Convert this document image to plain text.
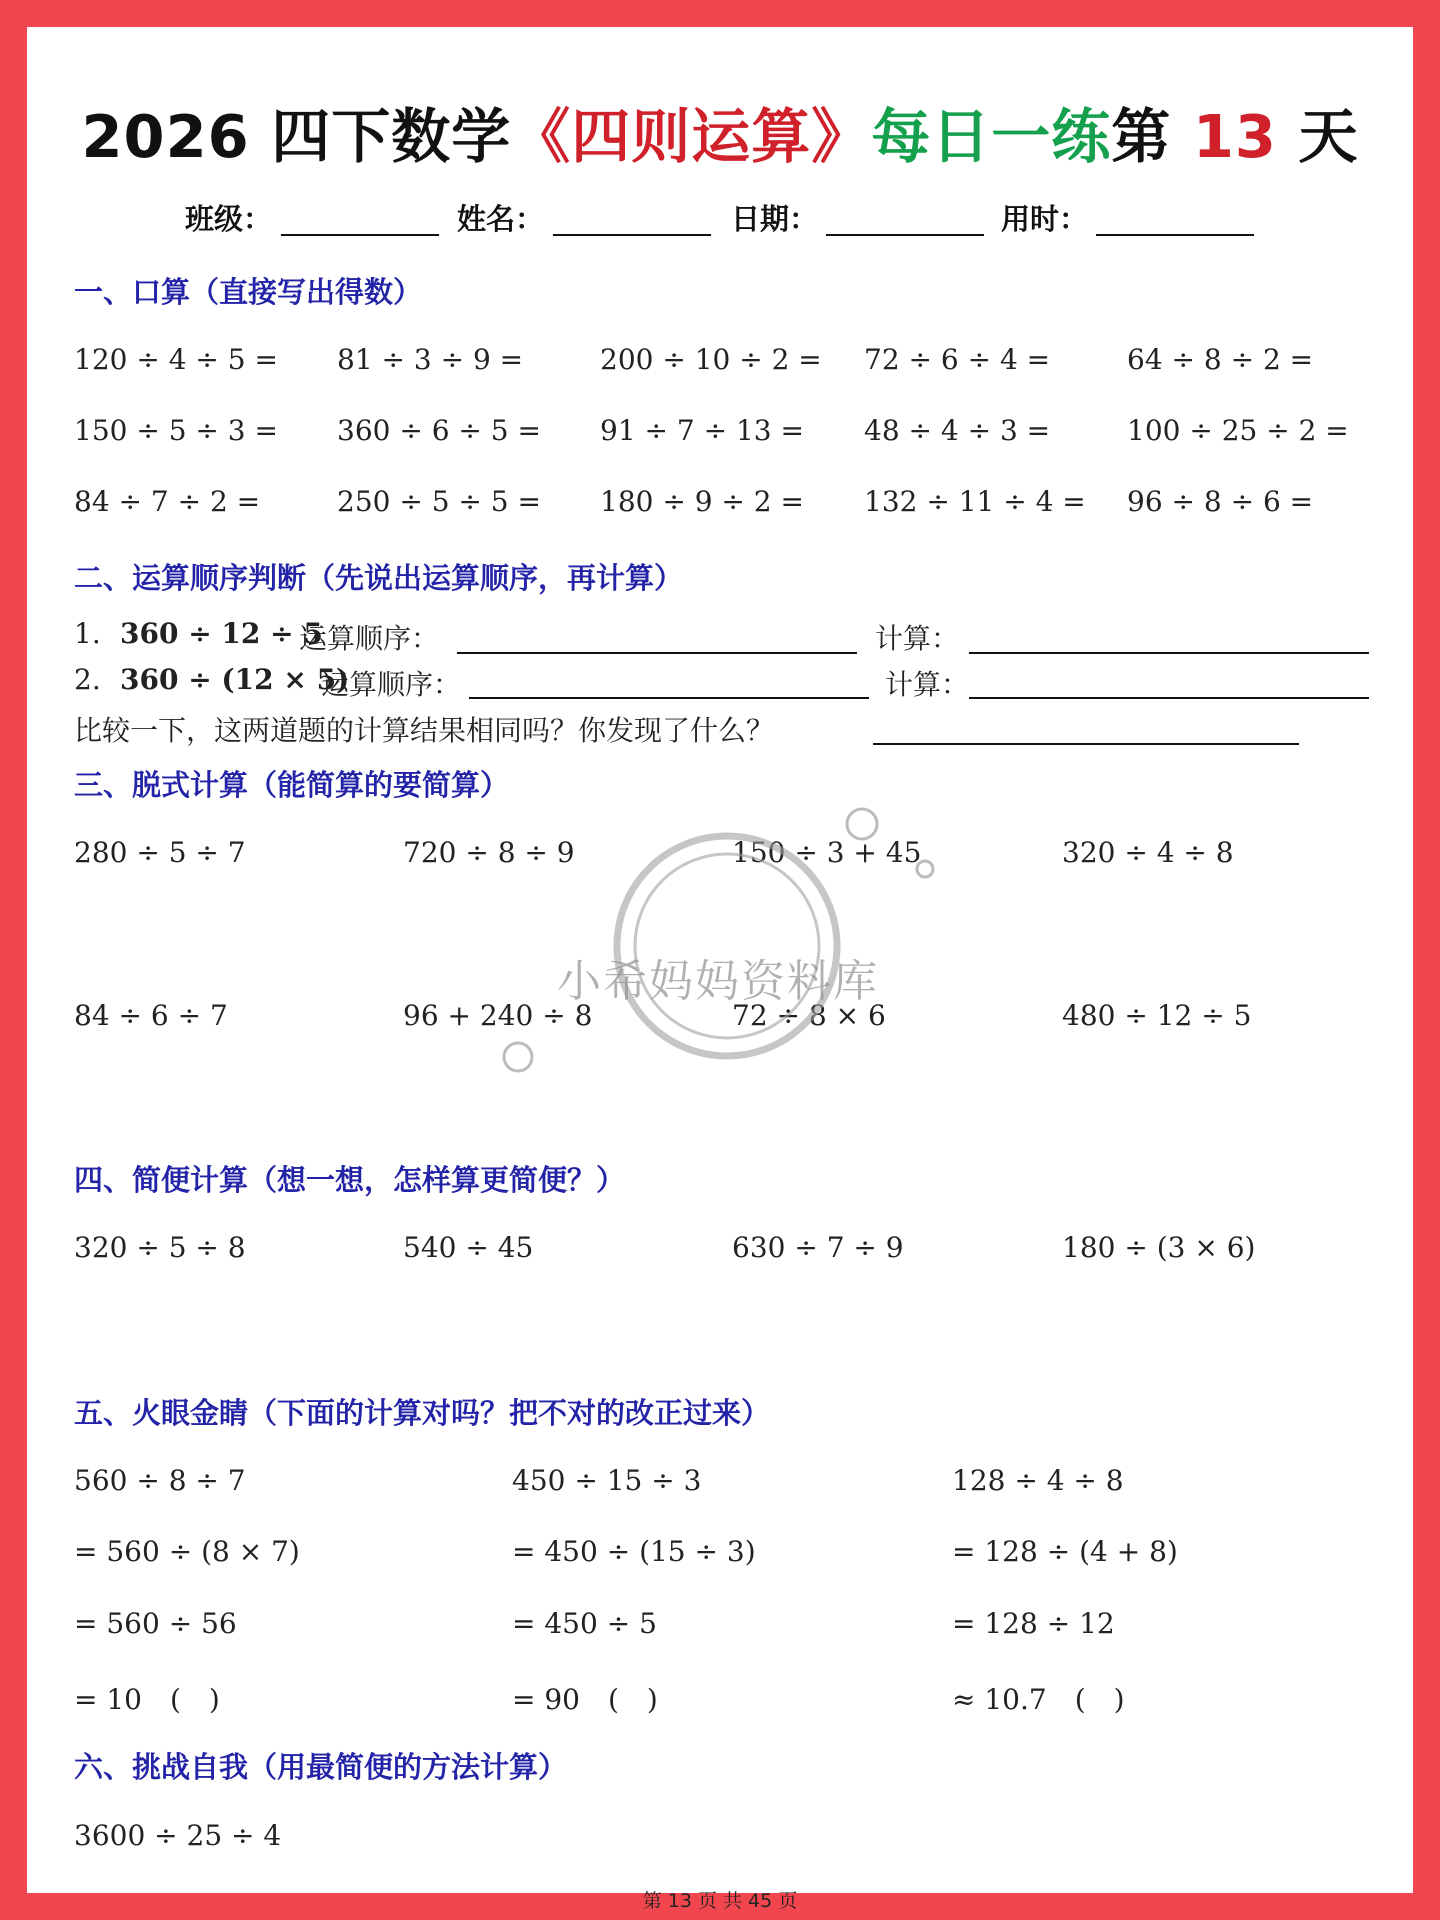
2026 四下数学《四则运算》每日一练第 13 天
班级：	姓名：	日期：	用时：
一、口算（直接写出得数）
120 ÷ 4 ÷ 5 = 81 ÷ 3 ÷ 9 =	200 ÷ 10 ÷ 2 = 72 ÷ 6 ÷ 4 =	64 ÷ 8 ÷ 2 =
150 ÷ 5 ÷ 3 = 360 ÷ 6 ÷ 5 = 91 ÷ 7 ÷ 13 = 48 ÷ 4 ÷ 3 =	100 ÷ 25 ÷ 2 =
84 ÷ 7 ÷ 2 =	250 ÷ 5 ÷ 5 = 180 ÷ 9 ÷ 2 = 132 ÷ 11 ÷ 4 = 96 ÷ 8 ÷ 6 =
二、运算顺序判断（先说出运算顺序，再计算）
1. 360 ÷ 12 ÷ 5
运算顺序：	计算：
2. 360 ÷ (12 × 5)
运算顺序：	计算：
比较一下，这两道题的计算结果相同吗？你发现了什么？
三、脱式计算（能简算的要简算）
280 ÷ 5 ÷ 7	720 ÷ 8 ÷ 9	150 ÷ 3 + 45	320 ÷ 4 ÷ 8
84 ÷ 6 ÷ 7	96 + 240 ÷ 8	72 ÷ 8 × 6	480 ÷ 12 ÷ 5
四、简便计算（想一想，怎样算更简便？）
320 ÷ 5 ÷ 8	540 ÷ 45	630 ÷ 7 ÷ 9	180 ÷ (3 × 6)
五、火眼金睛（下面的计算对吗？把不对的改正过来）
560 ÷ 8 ÷ 7
= 560 ÷ (8 × 7)
= 560 ÷ 56
= 10　(　)
450 ÷ 15 ÷ 3
= 450 ÷ (15 ÷ 3)
= 450 ÷ 5
= 90　(　)
128 ÷ 4 ÷ 8
= 128 ÷ (4 + 8)
= 128 ÷ 12
≈ 10.7　(　)
六、挑战自我（用最简便的方法计算）
3600 ÷ 25 ÷ 4
小希妈妈资料库
第 13 页 共 45 页
